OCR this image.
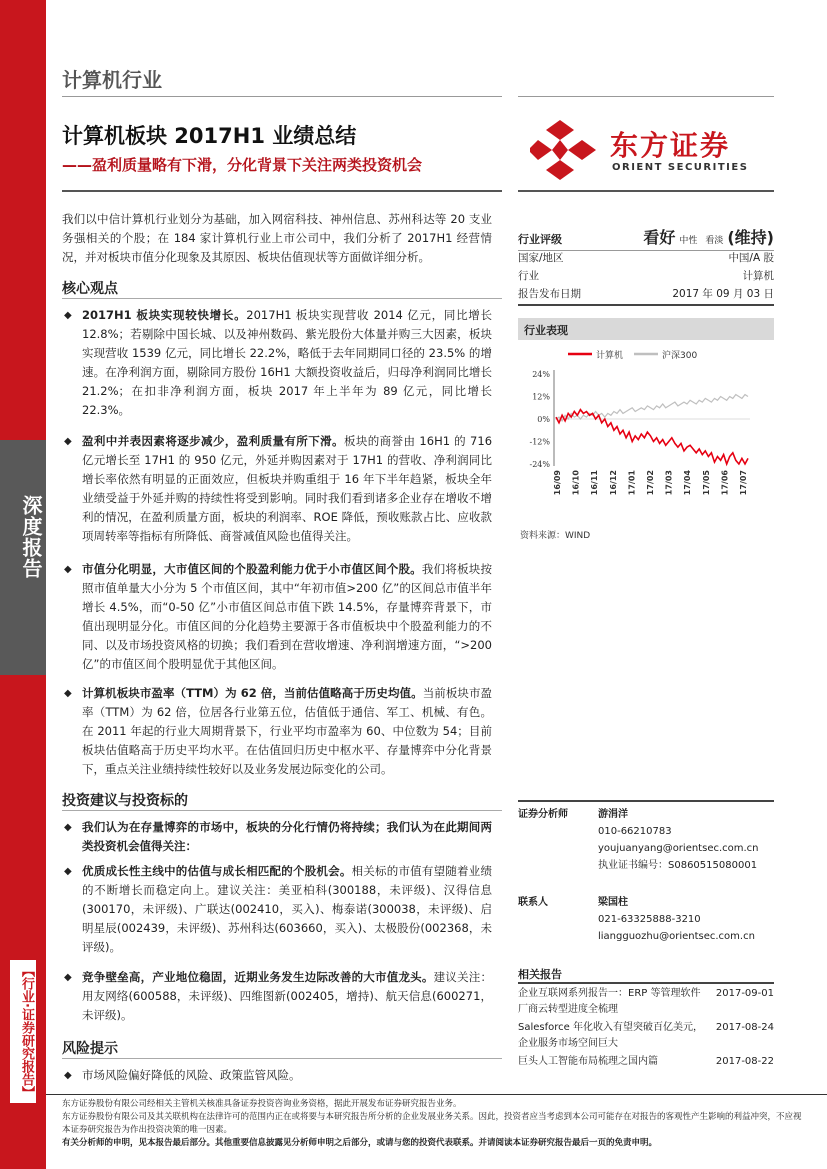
深度报告
【行业·证券研究报告】
计算机行业
计算机板块 2017H1 业绩总结
——盈利质量略有下滑，分化背景下关注两类投资机会
东方证券
ORIENT SECURITIES
我们以中信计算机行业划分为基础，加入网宿科技、神州信息、苏州科达等 20 支业务强相关的个股；在 184 家计算机行业上市公司中，我们分析了 2017H1 经营情况，并对板块市值分化现象及其原因、板块估值现状等方面做详细分析。
核心观点
◆ 2017H1 板块实现较快增长。2017H1 板块实现营收 2014 亿元，同比增长 12.8%；若剔除中国长城、以及神州数码、紫光股份大体量并购三大因素，板块实现营收 1539 亿元，同比增长 22.2%，略低于去年同期同口径的 23.5% 的增速。在净利润方面，剔除同方股份 16H1 大额投资收益后，归母净利润同比增长 21.2%；在扣非净利润方面，板块 2017 年上半年为 89 亿元，同比增长 22.3%。
◆ 盈利中并表因素将逐步减少，盈利质量有所下滑。板块的商誉由 16H1 的 716 亿元增长至 17H1 的 950 亿元，外延并购因素对于 17H1 的营收、净利润同比增长率依然有明显的正面效应，但板块并购重组于 16 年下半年趋紧，板块全年业绩受益于外延并购的持续性将受到影响。同时我们看到诸多企业存在增收不增利的情况，在盈利质量方面，板块的利润率、ROE 降低，预收账款占比、应收款项周转率等指标有所降低、商誉减值风险也值得关注。
◆ 市值分化明显，大市值区间的个股盈利能力优于小市值区间个股。我们将板块按照市值单量大小分为 5 个市值区间，其中“年初市值>200 亿”的区间总市值半年增长 4.5%，而“0-50 亿”小市值区间总市值下跌 14.5%，存量博弈背景下，市值出现明显分化。市值区间的分化趋势主要源于各市值板块中个股盈利能力的不同、以及市场投资风格的切换；我们看到在营收增速、净利润增速方面，“>200 亿”的市值区间个股明显优于其他区间。
◆ 计算机板块市盈率（TTM）为 62 倍，当前估值略高于历史均值。当前板块市盈率（TTM）为 62 倍，位居各行业第五位，估值低于通信、军工、机械、有色。在 2011 年起的行业大周期背景下，行业平均市盈率为 60、中位数为 54；目前板块估值略高于历史平均水平。在估值回归历史中枢水平、存量博弈中分化背景下，重点关注业绩持续性较好以及业务发展边际变化的公司。
投资建议与投资标的
◆ 我们认为在存量博弈的市场中，板块的分化行情仍将持续；我们认为在此期间两类投资机会值得关注：
◆ 优质成长性主线中的估值与成长相匹配的个股机会。相关标的市值有望随着业绩的不断增长而稳定向上。建议关注：美亚柏科(300188，未评级)、汉得信息(300170，未评级)、广联达(002410，买入)、梅泰诺(300038，未评级)、启明星辰(002439，未评级)、苏州科达(603660，买入)、太极股份(002368，未评级)。
◆ 竞争壁垒高，产业地位稳固，近期业务发生边际改善的大市值龙头。建议关注：用友网络(600588，未评级)、四维图新(002405，增持)、航天信息(600271，未评级)。
风险提示
◆ 市场风险偏好降低的风险、政策监管风险。
行业评级	看好 中性 看淡 (维持)
国家/地区	中国/A 股
行业	计算机
报告发布日期	2017 年 09 月 03 日
行业表现
计算机	沪深300
24%
12%
0%
-12%
-24%
16/09 16/10 16/11 16/12 17/01 17/02 17/03 17/04 17/05 17/06 17/07
资料来源：WIND
证券分析师	游涓洋
010-66210783
youjuanyang@orientsec.com.cn
执业证书编号：S0860515080001
联系人	梁国柱
021-63325888-3210
liangguozhu@orientsec.com.cn
相关报告
企业互联网系列报告一：ERP 等管理软件厂商云转型进度全梳理
2017-09-01
Salesforce 年化收入有望突破百亿美元，企业服务市场空间巨大
2017-08-24
巨头人工智能布局梳理之国内篇	2017-08-22
东方证券股份有限公司经相关主管机关核准具备证券投资咨询业务资格，据此开展发布证券研究报告业务。
东方证券股份有限公司及其关联机构在法律许可的范围内正在或将要与本研究报告所分析的企业发展业务关系。因此，投资者应当考虑到本公司可能存在对报告的客观性产生影响的利益冲突，不应视本证券研究报告为作出投资决策的唯一因素。
有关分析师的申明，见本报告最后部分。其他重要信息披露见分析师申明之后部分，或请与您的投资代表联系。并请阅读本证券研究报告最后一页的免责申明。
